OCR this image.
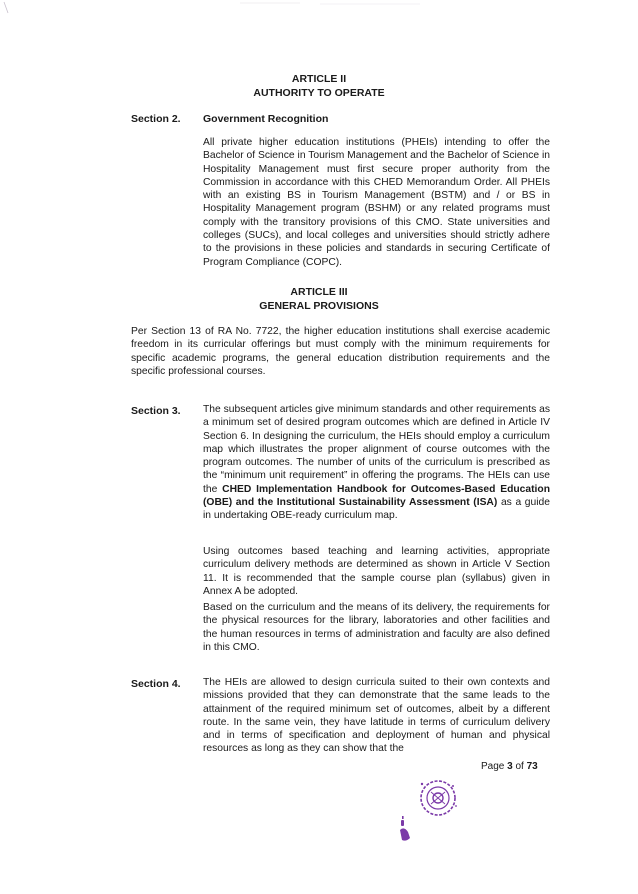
ARTICLE II
AUTHORITY TO OPERATE
Section 2. Government Recognition

All private higher education institutions (PHEIs) intending to offer the Bachelor of Science in Tourism Management and the Bachelor of Science in Hospitality Management must first secure proper authority from the Commission in accordance with this CHED Memorandum Order. All PHEIs with an existing BS in Tourism Management (BSTM) and / or BS in Hospitality Management program (BSHM) or any related programs must comply with the transitory provisions of this CMO. State universities and colleges (SUCs), and local colleges and universities should strictly adhere to the provisions in these policies and standards in securing Certificate of Program Compliance (COPC).

ARTICLE III
GENERAL PROVISIONS

Per Section 13 of RA No. 7722, the higher education institutions shall exercise academic freedom in its curricular offerings but must comply with the minimum requirements for specific academic programs, the general education distribution requirements and the specific professional courses.

Section 3. The subsequent articles give minimum standards and other requirements as a minimum set of desired program outcomes which are defined in Article IV Section 6. In designing the curriculum, the HEIs should employ a curriculum map which illustrates the proper alignment of course outcomes with the program outcomes. The number of units of the curriculum is prescribed as the “minimum unit requirement” in offering the programs. The HEIs can use the CHED Implementation Handbook for Outcomes-Based Education (OBE) and the Institutional Sustainability Assessment (ISA) as a guide in undertaking OBE-ready curriculum map.

Using outcomes based teaching and learning activities, appropriate curriculum delivery methods are determined as shown in Article V Section 11. It is recommended that the sample course plan (syllabus) given in Annex A be adopted.

Based on the curriculum and the means of its delivery, the requirements for the physical resources for the library, laboratories and other facilities and the human resources in terms of administration and faculty are also defined in this CMO.

Section 4. The HEIs are allowed to design curricula suited to their own contexts and missions provided that they can demonstrate that the same leads to the attainment of the required minimum set of outcomes, albeit by a different route. In the same vein, they have latitude in terms of curriculum delivery and in terms of specification and deployment of human and physical resources as long as they can show that the

Page 3 of 73
